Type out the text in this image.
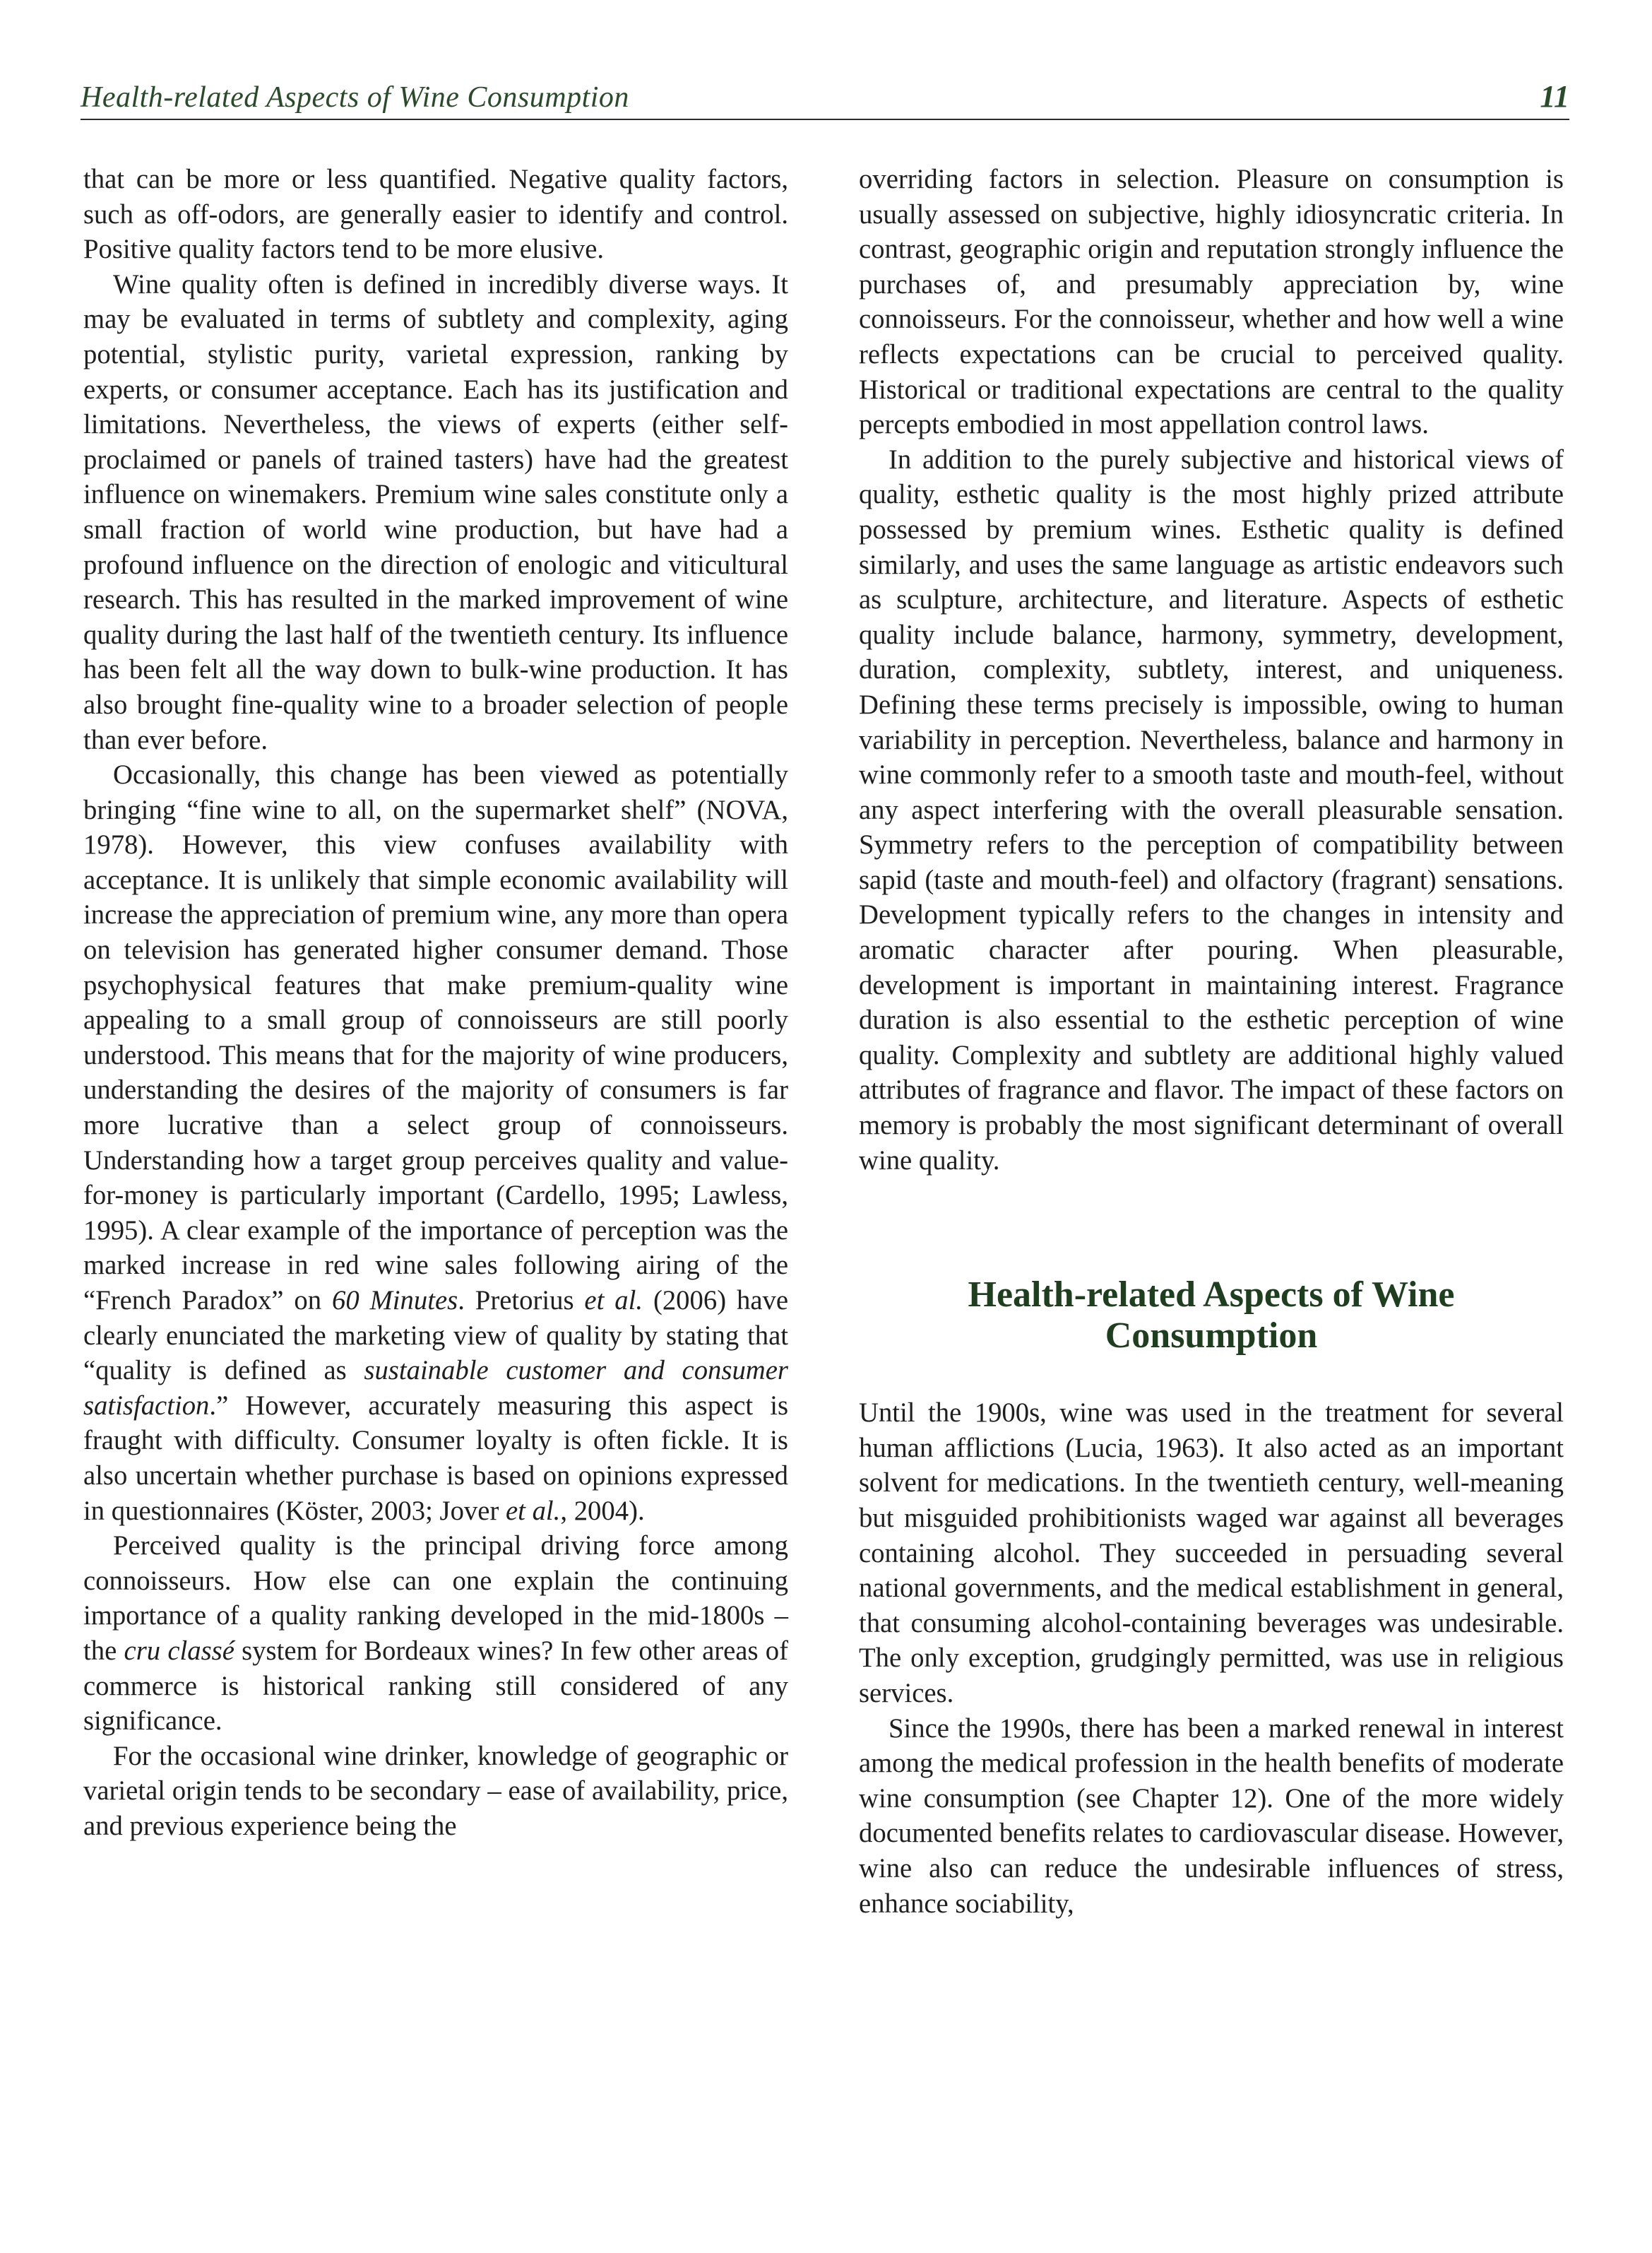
Health-related Aspects of Wine Consumption	11

that can be more or less quantified. Negative quality factors, such as off-odors, are generally easier to identify and control. Positive quality factors tend to be more elusive.

Wine quality often is defined in incredibly diverse ways. It may be evaluated in terms of subtlety and complexity, aging potential, stylistic purity, varietal expression, ranking by experts, or consumer acceptance. Each has its justification and limitations. Nevertheless, the views of experts (either self-proclaimed or panels of trained tasters) have had the greatest influence on winemakers. Premium wine sales constitute only a small fraction of world wine production, but have had a profound influence on the direction of enologic and viticultural research. This has resulted in the marked improvement of wine quality during the last half of the twentieth century. Its influence has been felt all the way down to bulk-wine production. It has also brought fine-quality wine to a broader selection of people than ever before.

Occasionally, this change has been viewed as potentially bringing “fine wine to all, on the supermarket shelf” (NOVA, 1978). However, this view confuses availability with acceptance. It is unlikely that simple economic availability will increase the appreciation of premium wine, any more than opera on television has generated higher consumer demand. Those psychophysical features that make premium-quality wine appealing to a small group of connoisseurs are still poorly understood. This means that for the majority of wine producers, understanding the desires of the majority of consumers is far more lucrative than a select group of connoisseurs. Understanding how a target group perceives quality and value-for-money is particularly important (Cardello, 1995; Lawless, 1995). A clear example of the importance of perception was the marked increase in red wine sales following airing of the “French Paradox” on 60 Minutes. Pretorius et al. (2006) have clearly enunciated the marketing view of quality by stating that “quality is defined as sustainable customer and consumer satisfaction.” However, accurately measuring this aspect is fraught with difficulty. Consumer loyalty is often fickle. It is also uncertain whether purchase is based on opinions expressed in questionnaires (Köster, 2003; Jover et al., 2004).

Perceived quality is the principal driving force among connoisseurs. How else can one explain the continuing importance of a quality ranking developed in the mid-1800s – the cru classé system for Bordeaux wines? In few other areas of commerce is historical ranking still considered of any significance.

For the occasional wine drinker, knowledge of geographic or varietal origin tends to be secondary – ease of availability, price, and previous experience being the

overriding factors in selection. Pleasure on consumption is usually assessed on subjective, highly idiosyncratic criteria. In contrast, geographic origin and reputation strongly influence the purchases of, and presumably appreciation by, wine connoisseurs. For the connoisseur, whether and how well a wine reflects expectations can be crucial to perceived quality. Historical or traditional expectations are central to the quality percepts embodied in most appellation control laws.

In addition to the purely subjective and historical views of quality, esthetic quality is the most highly prized attribute possessed by premium wines. Esthetic quality is defined similarly, and uses the same language as artistic endeavors such as sculpture, architecture, and literature. Aspects of esthetic quality include balance, harmony, symmetry, development, duration, complexity, subtlety, interest, and uniqueness. Defining these terms precisely is impossible, owing to human variability in perception. Nevertheless, balance and harmony in wine commonly refer to a smooth taste and mouth-feel, without any aspect interfering with the overall pleasurable sensation. Symmetry refers to the perception of compatibility between sapid (taste and mouth-feel) and olfactory (fragrant) sensations. Development typically refers to the changes in intensity and aromatic character after pouring. When pleasurable, development is important in maintaining interest. Fragrance duration is also essential to the esthetic perception of wine quality. Complexity and subtlety are additional highly valued attributes of fragrance and flavor. The impact of these factors on memory is probably the most significant determinant of overall wine quality.

Health-related Aspects of Wine Consumption

Until the 1900s, wine was used in the treatment for several human afflictions (Lucia, 1963). It also acted as an important solvent for medications. In the twentieth century, well-meaning but misguided prohibitionists waged war against all beverages containing alcohol. They succeeded in persuading several national governments, and the medical establishment in general, that consuming alcohol-containing beverages was undesirable. The only exception, grudgingly permitted, was use in religious services.

Since the 1990s, there has been a marked renewal in interest among the medical profession in the health benefits of moderate wine consumption (see Chapter 12). One of the more widely documented benefits relates to cardiovascular disease. However, wine also can reduce the undesirable influences of stress, enhance sociability,
